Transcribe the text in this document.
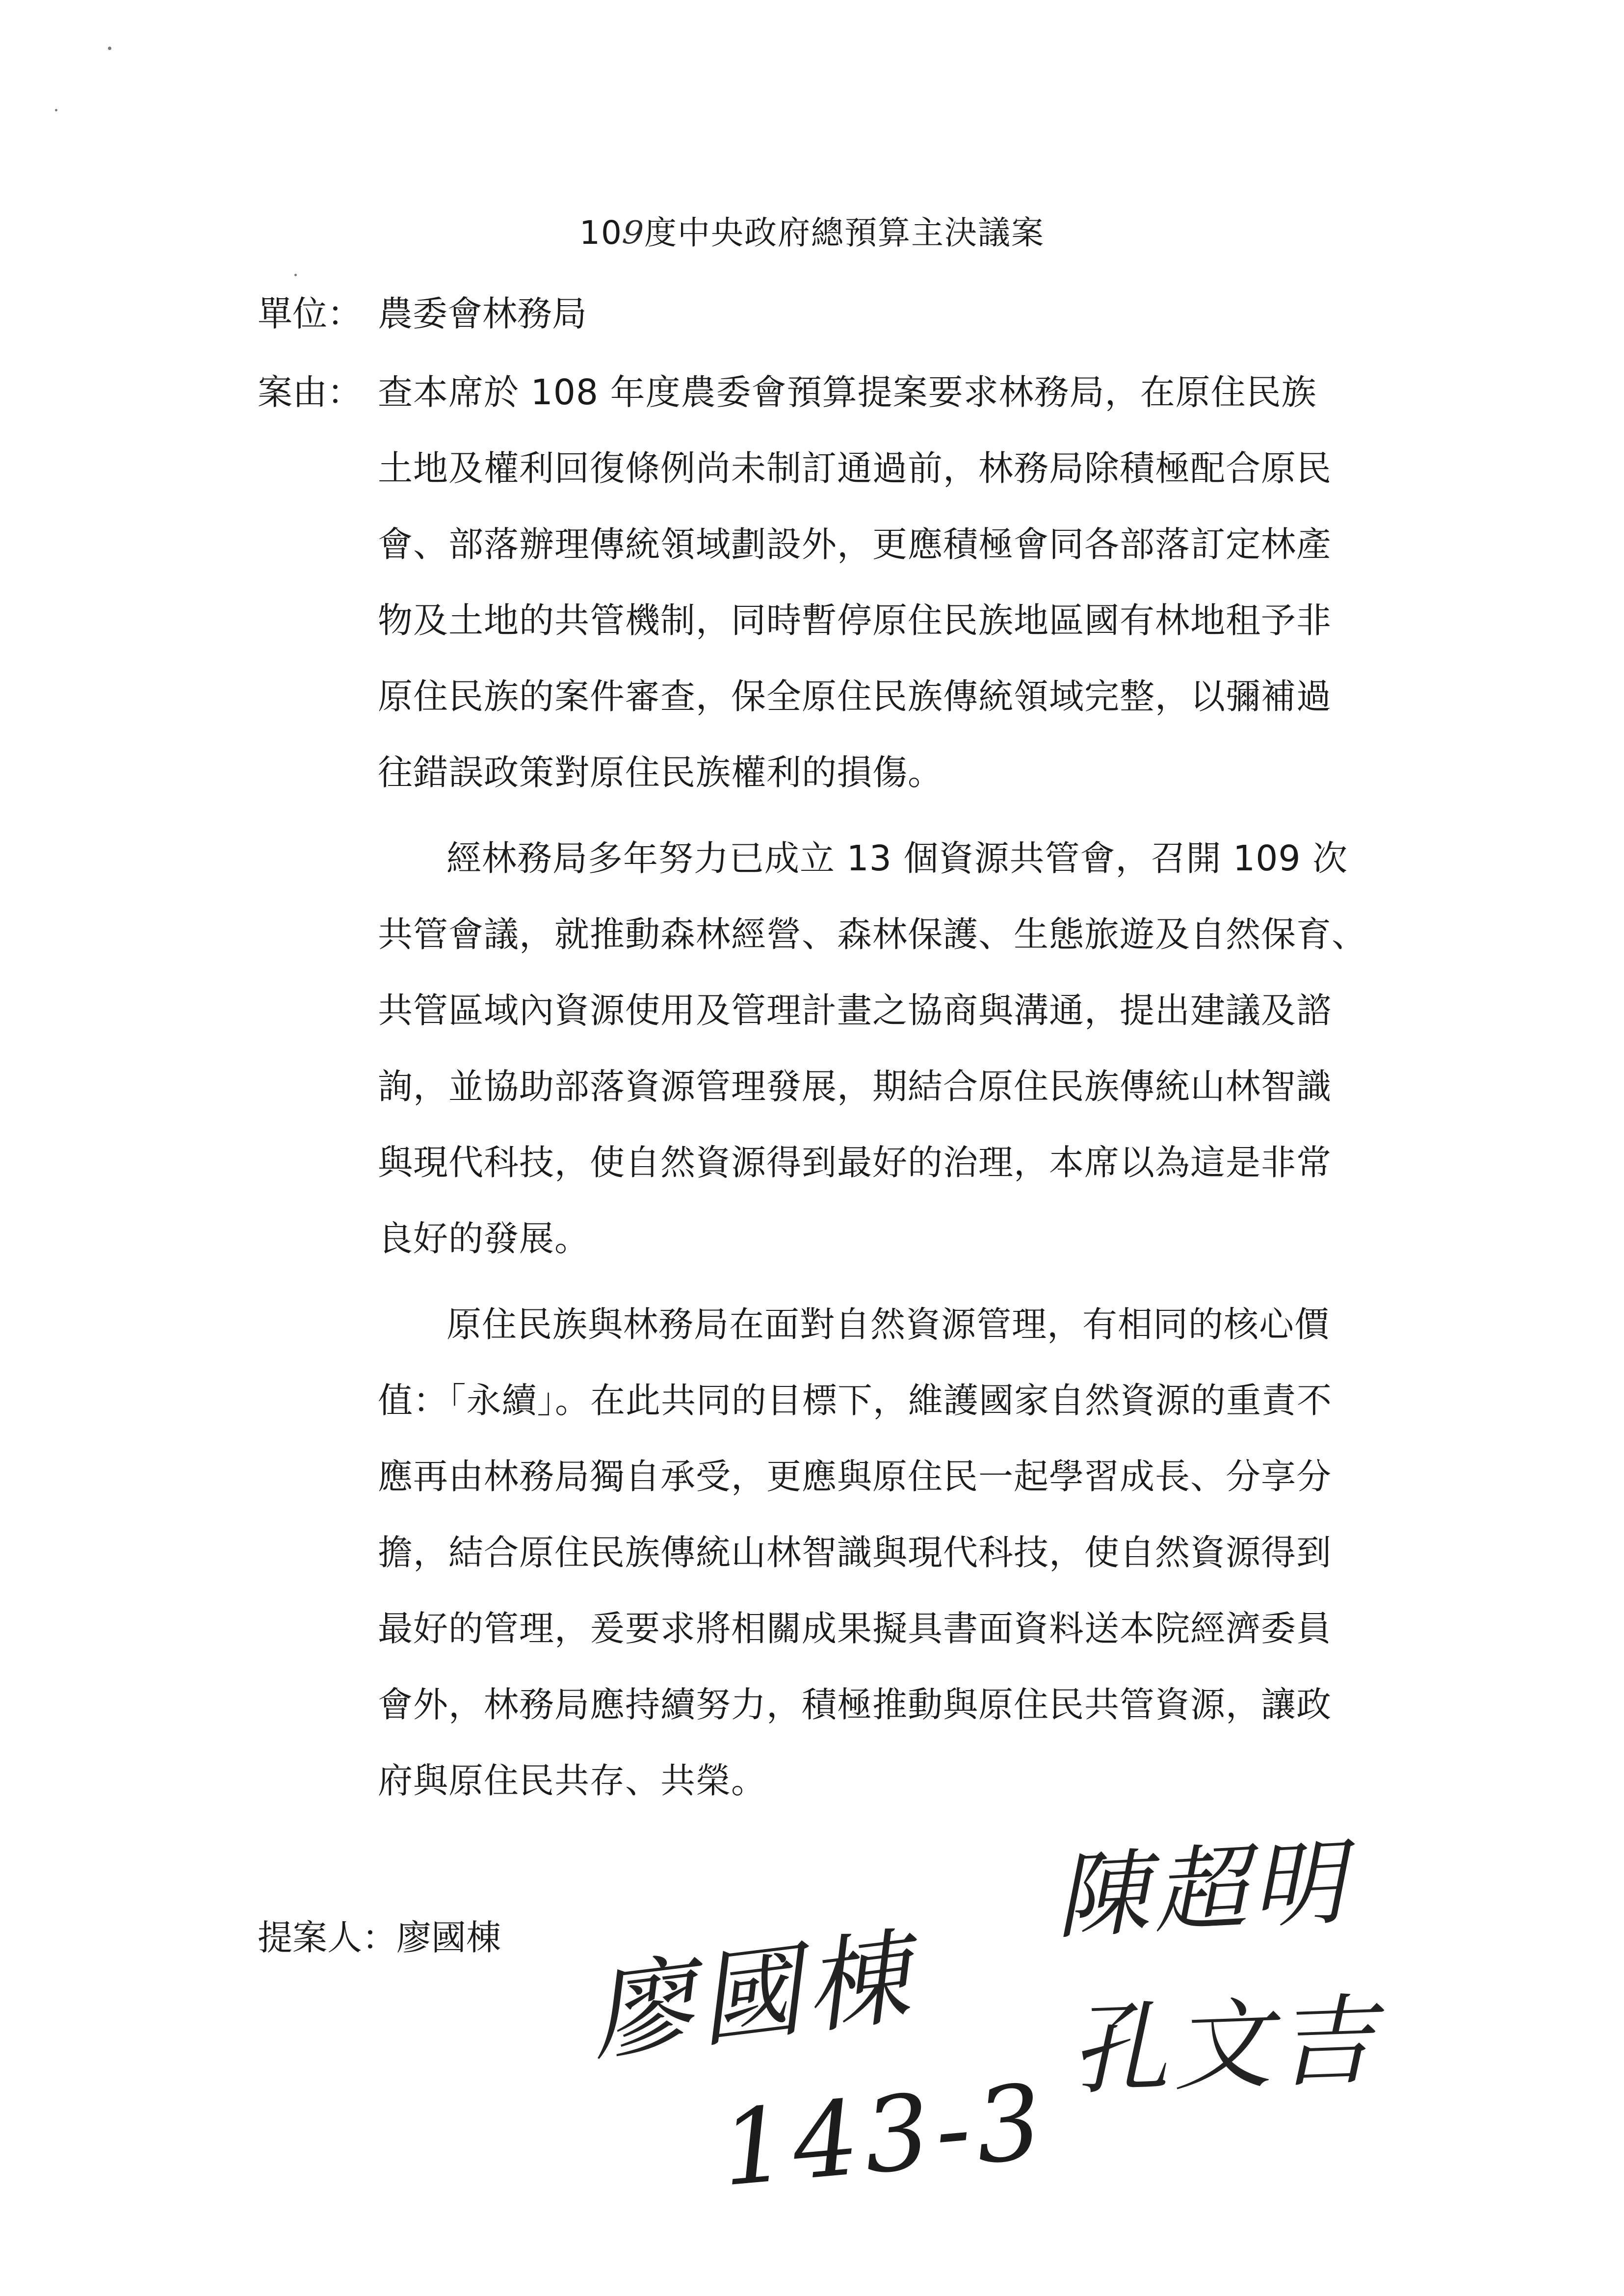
109度中央政府總預算主決議案
單位： 農委會林務局
案由： 查本席於 108 年度農委會預算提案要求林務局，在原住民族
土地及權利回復條例尚未制訂通過前，林務局除積極配合原民
會、部落辦理傳統領域劃設外，更應積極會同各部落訂定林產
物及土地的共管機制，同時暫停原住民族地區國有林地租予非
原住民族的案件審查，保全原住民族傳統領域完整，以彌補過
往錯誤政策對原住民族權利的損傷。
經林務局多年努力已成立 13 個資源共管會，召開 109 次
共管會議，就推動森林經營、森林保護、生態旅遊及自然保育、
共管區域內資源使用及管理計畫之協商與溝通，提出建議及諮
詢，並協助部落資源管理發展，期結合原住民族傳統山林智識
與現代科技，使自然資源得到最好的治理，本席以為這是非常
良好的發展。
原住民族與林務局在面對自然資源管理，有相同的核心價
值：「永續」。在此共同的目標下，維護國家自然資源的重責不
應再由林務局獨自承受，更應與原住民一起學習成長、分享分
擔，結合原住民族傳統山林智識與現代科技，使自然資源得到
最好的管理，爰要求將相關成果擬具書面資料送本院經濟委員
會外，林務局應持續努力，積極推動與原住民共管資源，讓政
府與原住民共存、共榮。
提案人：
廖國棟 廖國棟
陳超明
孔文吉
143-3
